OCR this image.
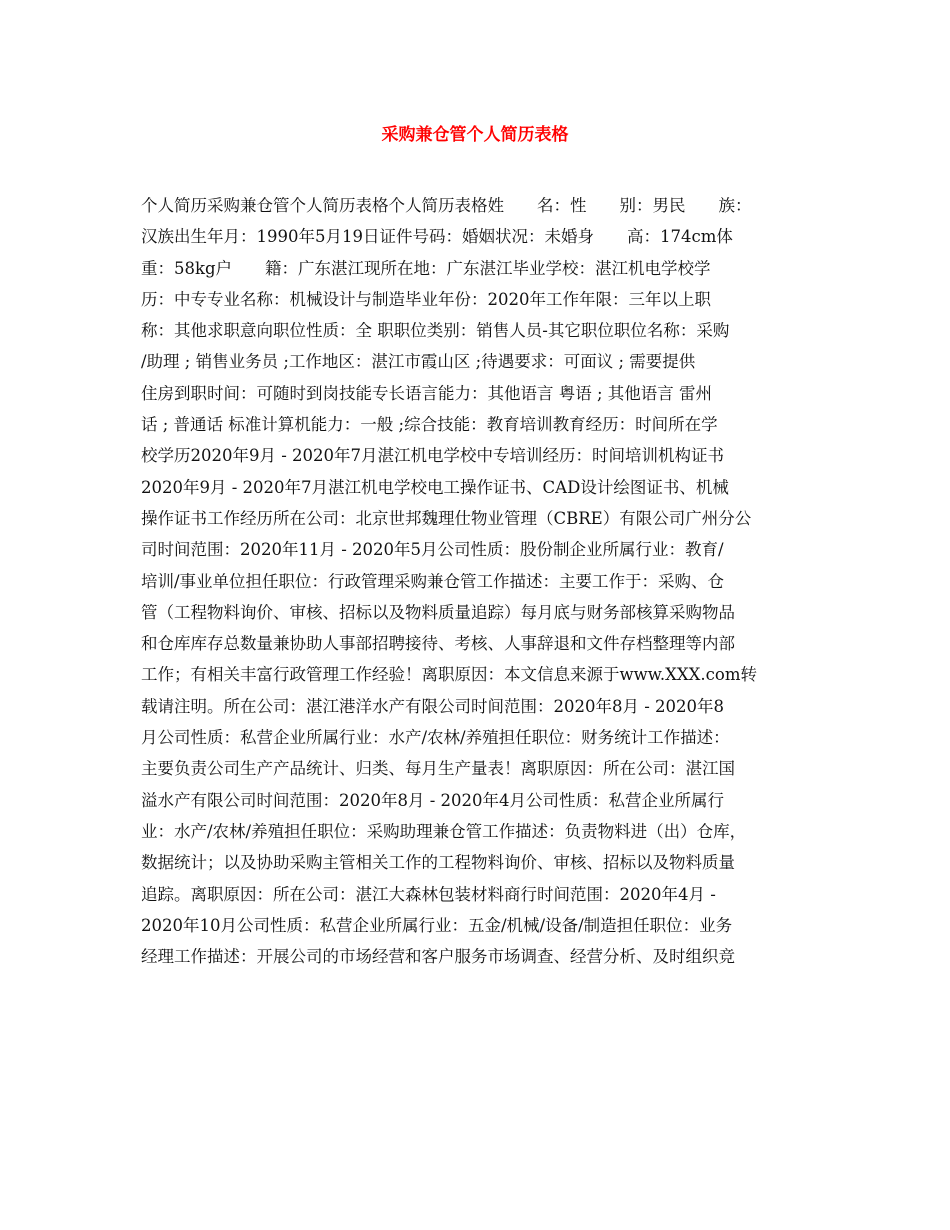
采购兼仓管个人简历表格
个人简历采购兼仓管个人简历表格个人简历表格姓　　名：性　　别：男民　　族：
汉族出生年月：1990年5月19日证件号码：婚姻状况：未婚身　　高：174cm体
重：58kg户　　籍：广东湛江现所在地：广东湛江毕业学校：湛江机电学校学
历：中专专业名称：机械设计与制造毕业年份：2020年工作年限：三年以上职
称：其他求职意向职位性质：全 职职位类别：销售人员-其它职位职位名称：采购
/助理 ; 销售业务员 ;工作地区：湛江市霞山区 ;待遇要求：可面议 ; 需要提供
住房到职时间：可随时到岗技能专长语言能力：其他语言 粤语 ; 其他语言 雷州
话 ; 普通话 标准计算机能力：一般 ;综合技能：教育培训教育经历：时间所在学
校学历2020年9月 - 2020年7月湛江机电学校中专培训经历：时间培训机构证书
2020年9月 - 2020年7月湛江机电学校电工操作证书、CAD设计绘图证书、机械
操作证书工作经历所在公司：北京世邦魏理仕物业管理（CBRE）有限公司广州分公
司时间范围：2020年11月 - 2020年5月公司性质：股份制企业所属行业：教育/
培训/事业单位担任职位：行政管理采购兼仓管工作描述：主要工作于：采购、仓
管（工程物料询价、审核、招标以及物料质量追踪）每月底与财务部核算采购物品
和仓库库存总数量兼协助人事部招聘接待、考核、人事辞退和文件存档整理等内部
工作；有相关丰富行政管理工作经验！离职原因：本文信息来源于www.XXX.com转
载请注明。所在公司：湛江港洋水产有限公司时间范围：2020年8月 - 2020年8
月公司性质：私营企业所属行业：水产/农林/养殖担任职位：财务统计工作描述：
主要负责公司生产产品统计、归类、每月生产量表！离职原因：所在公司：湛江国
溢水产有限公司时间范围：2020年8月 - 2020年4月公司性质：私营企业所属行
业：水产/农林/养殖担任职位：采购助理兼仓管工作描述：负责物料进（出）仓库，
数据统计；以及协助采购主管相关工作的工程物料询价、审核、招标以及物料质量
追踪。离职原因：所在公司：湛江大森林包装材料商行时间范围：2020年4月 -
2020年10月公司性质：私营企业所属行业：五金/机械/设备/制造担任职位：业务
经理工作描述：开展公司的市场经营和客户服务市场调查、经营分析、及时组织竞
